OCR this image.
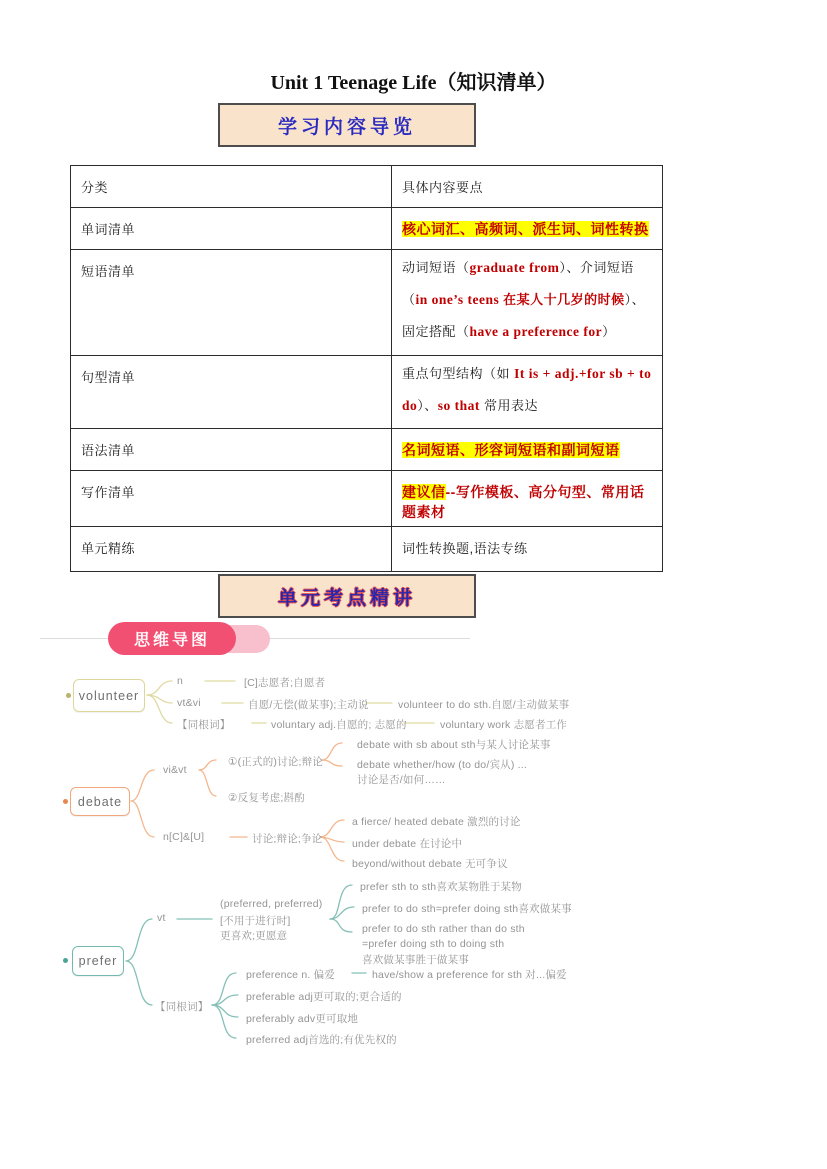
Unit 1 Teenage Life（知识清单）
学习内容导览
分类	具体内容要点
单词清单	核心词汇、高频词、派生词、词性转换
短语清单	动词短语（graduate from）、介词短语（in one’s teens 在某人十几岁的时候）、固定搭配（have a preference for）
句型清单	重点句型结构（如 It is + adj.+for sb + to do）、so that 常用表达
语法清单	名词短语、形容词短语和副词短语
写作清单	建议信--写作模板、高分句型、常用话题素材
单元精练	词性转换题,语法专练
单元考点精讲
思维导图
volunteer
n	[C]志愿者;自愿者
vt&vi	自愿/无偿(做某事);主动说	volunteer to do sth.自愿/主动做某事
【同根词】	voluntary adj.自愿的; 志愿的	voluntary work 志愿者工作
debate
vi&vt
①(正式的)讨论;辩论
debate with sb about sth与某人讨论某事
debate whether/how (to do/宾从) ...
讨论是否/如何……
②反复考虑;斟酌
n[C]&[U]	讨论;辩论;争论
a fierce/ heated debate 激烈的讨论
under debate 在讨论中
beyond/without debate 无可争议
prefer
vt
(preferred, preferred)
[不用于进行时]
更喜欢;更愿意
prefer sth to sth喜欢某物胜于某物
prefer to do sth=prefer doing sth喜欢做某事
prefer to do sth rather than do sth
=prefer doing sth to doing sth
喜欢做某事胜于做某事
【同根词】
preference n. 偏爱	have/show a preference for sth 对...偏爱
preferable adj更可取的;更合适的
preferably adv更可取地
preferred adj首选的;有优先权的
